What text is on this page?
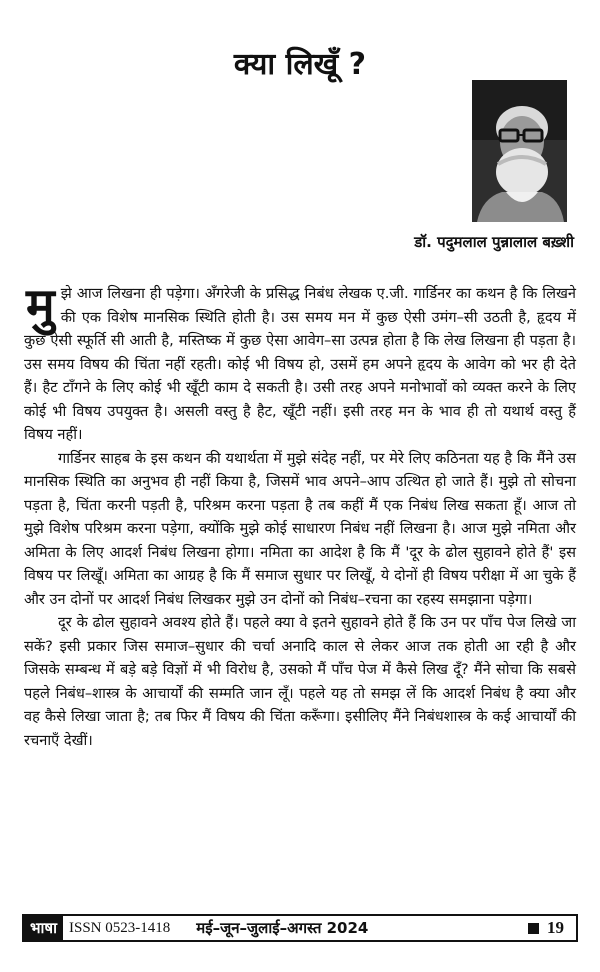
क्या लिखूँ ?

डॉ. पदुमलाल पुन्नालाल बख़्शी

मुझे आज लिखना ही पड़ेगा। अँगरेजी के प्रसिद्ध निबंध लेखक ए.जी. गार्डिनर का कथन है कि लिखने की एक विशेष मानसिक स्थिति होती है। उस समय मन में कुछ ऐसी उमंग–सी उठती है, हृदय में कुछ ऐसी स्फूर्ति सी आती है, मस्तिष्क में कुछ ऐसा आवेग–सा उत्पन्न होता है कि लेख लिखना ही पड़ता है। उस समय विषय की चिंता नहीं रहती। कोई भी विषय हो, उसमें हम अपने हृदय के आवेग को भर ही देते हैं। हैट टाँगने के लिए कोई भी खूँटी काम दे सकती है। उसी तरह अपने मनोभावों को व्यक्त करने के लिए कोई भी विषय उपयुक्त है। असली वस्तु है हैट, खूँटी नहीं। इसी तरह मन के भाव ही तो यथार्थ वस्तु हैं विषय नहीं।

गार्डिनर साहब के इस कथन की यथार्थता में मुझे संदेह नहीं, पर मेरे लिए कठिनता यह है कि मैंने उस मानसिक स्थिति का अनुभव ही नहीं किया है, जिसमें भाव अपने–आप उत्थित हो जाते हैं। मुझे तो सोचना पड़ता है, चिंता करनी पड़ती है, परिश्रम करना पड़ता है तब कहीं मैं एक निबंध लिख सकता हूँ। आज तो मुझे विशेष परिश्रम करना पड़ेगा, क्योंकि मुझे कोई साधारण निबंध नहीं लिखना है। आज मुझे नमिता और अमिता के लिए आदर्श निबंध लिखना होगा। नमिता का आदेश है कि मैं 'दूर के ढोल सुहावने होते हैं' इस विषय पर लिखूँ। अमिता का आग्रह है कि मैं समाज सुधार पर लिखूँ, ये दोनों ही विषय परीक्षा में आ चुके हैं और उन दोनों पर आदर्श निबंध लिखकर मुझे उन दोनों को निबंध–रचना का रहस्य समझाना पड़ेगा।

दूर के ढोल सुहावने अवश्य होते हैं। पहले क्या वे इतने सुहावने होते हैं कि उन पर पाँच पेज लिखे जा सकें? इसी प्रकार जिस समाज–सुधार की चर्चा अनादि काल से लेकर आज तक होती आ रही है और जिसके सम्बन्ध में बड़े बड़े विज्ञों में भी विरोध है, उसको मैं पाँच पेज में कैसे लिख दूँ? मैंने सोचा कि सबसे पहले निबंध–शास्त्र के आचार्यों की सम्मति जान लूँ। पहले यह तो समझ लें कि आदर्श निबंध है क्या और वह कैसे लिखा जाता है; तब फिर मैं विषय की चिंता करूँगा। इसीलिए मैंने निबंधशास्त्र के कई आचार्यों की रचनाएँ देखीं।

भाषा ISSN 0523-1418 मई–जून–जुलाई–अगस्त 2024	19
